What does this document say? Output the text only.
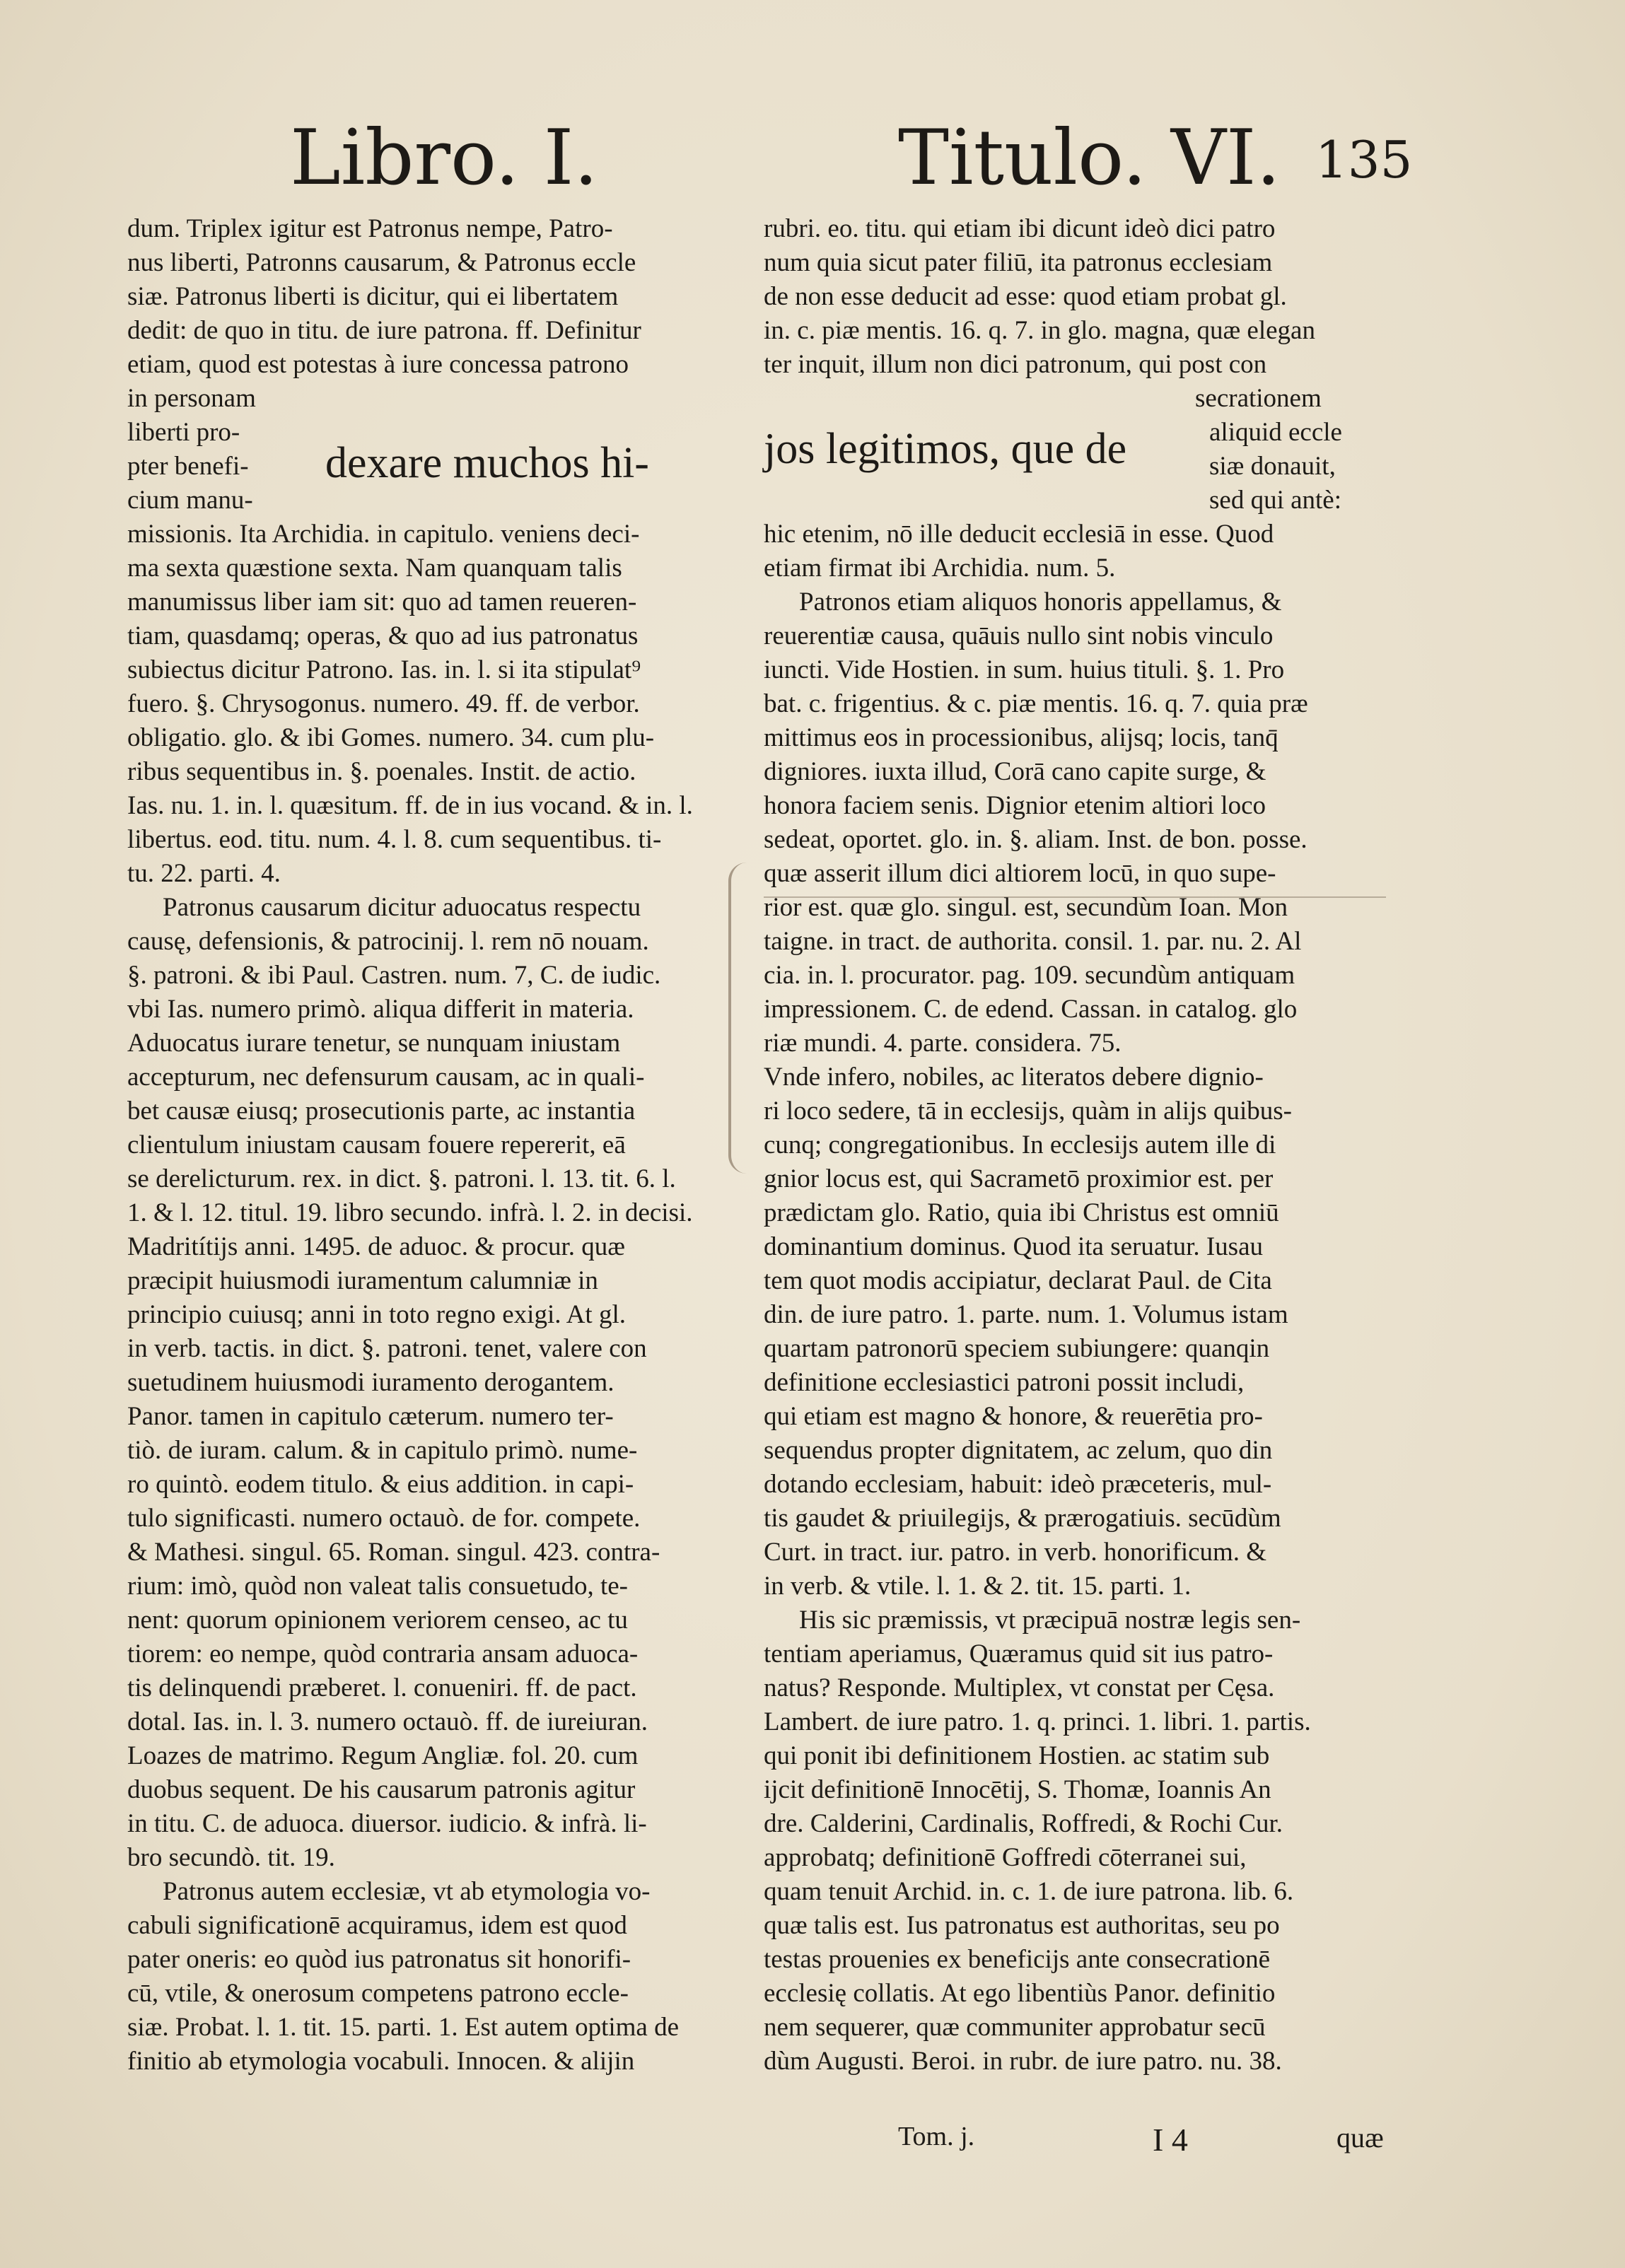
Libro. I.	Titulo. VI. 135
dum. Triplex igitur est Patronus nempe, Patro-
nus liberti, Patronns causarum, & Patronus eccle
siæ. Patronus liberti is dicitur, qui ei libertatem
dedit: de quo in titu. de iure patrona. ff. Definitur
etiam, quod est potestas à iure concessa patrono
in personam
liberti pro-
pter benefi-
cium manu-
dexare muchos hi-
missionis. Ita Archidia. in capitulo. veniens deci-
ma sexta quæstione sexta. Nam quanquam talis
manumissus liber iam sit: quo ad tamen reueren-
tiam, quasdamq; operas, & quo ad ius patronatus
subiectus dicitur Patrono. Ias. in. l. si ita stipulat⁹
fuero. §. Chrysogonus. numero. 49. ff. de verbor.
obligatio. glo. & ibi Gomes. numero. 34. cum plu-
ribus sequentibus in. §. poenales. Instit. de actio.
Ias. nu. 1. in. l. quæsitum. ff. de in ius vocand. & in. l.
libertus. eod. titu. num. 4. l. 8. cum sequentibus. ti-
tu. 22. parti. 4.
Patronus causarum dicitur aduocatus respectu
causę, defensionis, & patrocinij. l. rem nō nouam.
§. patroni. & ibi Paul. Castren. num. 7, C. de iudic.
vbi Ias. numero primò. aliqua differit in materia.
Aduocatus iurare tenetur, se nunquam iniustam
accepturum, nec defensurum causam, ac in quali-
bet causæ eiusq; prosecutionis parte, ac instantia
clientulum iniustam causam fouere repererit, eā
se derelicturum. rex. in dict. §. patroni. l. 13. tit. 6. l.
1. & l. 12. titul. 19. libro secundo. infrà. l. 2. in decisi.
Madritítijs anni. 1495. de aduoc. & procur. quæ
præcipit huiusmodi iuramentum calumniæ in
principio cuiusq; anni in toto regno exigi. At gl.
in verb. tactis. in dict. §. patroni. tenet, valere con
suetudinem huiusmodi iuramento derogantem.
Panor. tamen in capitulo cæterum. numero ter-
tiò. de iuram. calum. & in capitulo primò. nume-
ro quintò. eodem titulo. & eius addition. in capi-
tulo significasti. numero octauò. de for. compete.
& Mathesi. singul. 65. Roman. singul. 423. contra-
rium: imò, quòd non valeat talis consuetudo, te-
nent: quorum opinionem veriorem censeo, ac tu
tiorem: eo nempe, quòd contraria ansam aduoca-
tis delinquendi præberet. l. conueniri. ff. de pact.
dotal. Ias. in. l. 3. numero octauò. ff. de iureiuran.
Loazes de matrimo. Regum Angliæ. fol. 20. cum
duobus sequent. De his causarum patronis agitur
in titu. C. de aduoca. diuersor. iudicio. & infrà. li-
bro secundò. tit. 19.
Patronus autem ecclesiæ, vt ab etymologia vo-
cabuli significationē acquiramus, idem est quod
pater oneris: eo quòd ius patronatus sit honorifi-
cū, vtile, & onerosum competens patrono eccle-
siæ. Probat. l. 1. tit. 15. parti. 1. Est autem optima de
finitio ab etymologia vocabuli. Innocen. & alijin
rubri. eo. titu. qui etiam ibi dicunt ideò dici patro
num quia sicut pater filiū, ita patronus ecclesiam
de non esse deducit ad esse: quod etiam probat gl.
in. c. piæ mentis. 16. q. 7. in glo. magna, quæ elegan
ter inquit, illum non dici patronum, qui post con
jos legitimos, que de
secrationem
aliquid eccle
siæ donauit,
sed qui antè:
hic etenim, nō ille deducit ecclesiā in esse. Quod
etiam firmat ibi Archidia. num. 5.
Patronos etiam aliquos honoris appellamus, &
reuerentiæ causa, quāuis nullo sint nobis vinculo
iuncti. Vide Hostien. in sum. huius tituli. §. 1. Pro
bat. c. frigentius. & c. piæ mentis. 16. q. 7. quia præ
mittimus eos in processionibus, alijsq; locis, tanq̄
digniores. iuxta illud, Corā cano capite surge, &
honora faciem senis. Dignior etenim altiori loco
sedeat, oportet. glo. in. §. aliam. Inst. de bon. posse.
quæ asserit illum dici altiorem locū, in quo supe-
rior est. quæ glo. singul. est, secundùm Ioan. Mon
taigne. in tract. de authorita. consil. 1. par. nu. 2. Al
cia. in. l. procurator. pag. 109. secundùm antiquam
impressionem. C. de edend. Cassan. in catalog. glo
riæ mundi. 4. parte. considera. 75.
Vnde infero, nobiles, ac literatos debere dignio-
ri loco sedere, tā in ecclesijs, quàm in alijs quibus-
cunq; congregationibus. In ecclesijs autem ille di
gnior locus est, qui Sacrametō proximior est. per
prædictam glo. Ratio, quia ibi Christus est omniū
dominantium dominus. Quod ita seruatur. Iusau
tem quot modis accipiatur, declarat Paul. de Cita
din. de iure patro. 1. parte. num. 1. Volumus istam
quartam patronorū speciem subiungere: quanqin
definitione ecclesiastici patroni possit includi,
qui etiam est magno & honore, & reuerētia pro-
sequendus propter dignitatem, ac zelum, quo din
dotando ecclesiam, habuit: ideò præceteris, mul-
tis gaudet & priuilegijs, & prærogatiuis. secūdùm
Curt. in tract. iur. patro. in verb. honorificum. &
in verb. & vtile. l. 1. & 2. tit. 15. parti. 1.
His sic præmissis, vt præcipuā nostræ legis sen-
tentiam aperiamus, Quæramus quid sit ius patro-
natus? Responde. Multiplex, vt constat per Cęsa.
Lambert. de iure patro. 1. q. princi. 1. libri. 1. partis.
qui ponit ibi definitionem Hostien. ac statim sub
ijcit definitionē Innocētij, S. Thomæ, Ioannis An
dre. Calderini, Cardinalis, Roffredi, & Rochi Cur.
approbatq; definitionē Goffredi cōterranei sui,
quam tenuit Archid. in. c. 1. de iure patrona. lib. 6.
quæ talis est. Ius patronatus est authoritas, seu po
testas prouenies ex beneficijs ante consecrationē
ecclesię collatis. At ego libentiùs Panor. definitio
nem sequerer, quæ communiter approbatur secū
dùm Augusti. Beroi. in rubr. de iure patro. nu. 38.
Tom. j.	I 4	quæ
